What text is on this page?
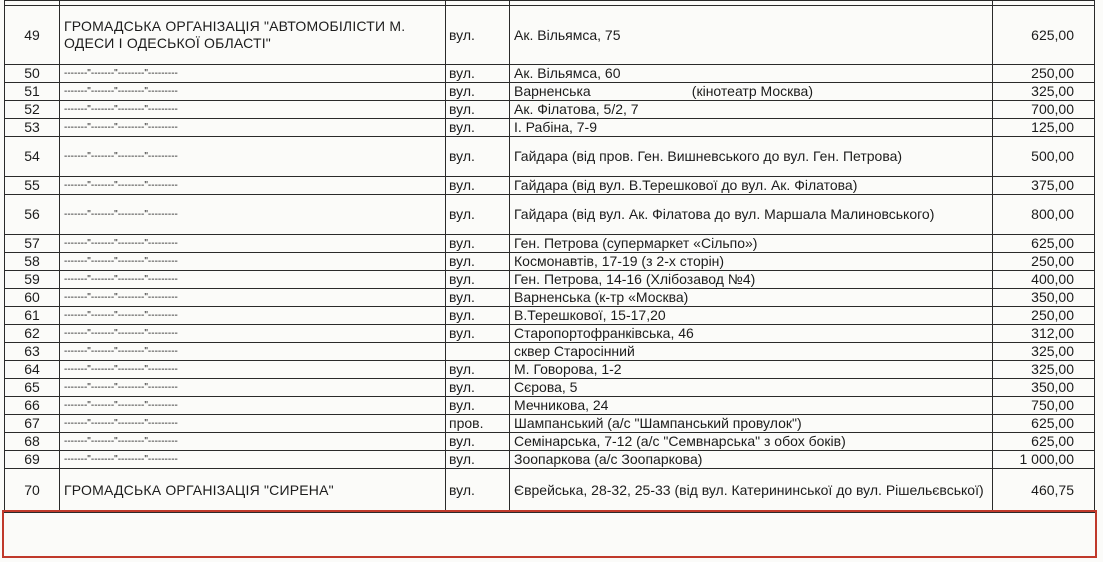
49	ГРОМАДСЬКА ОРГАНІЗАЦІЯ "АВТОМОБІЛІСТИ М. ОДЕСИ І ОДЕСЬКОЇ ОБЛАСТІ"	вул.	Ак. Вільямса, 75	625,00
50	-------"-------"--------"---------	вул.	Ак. Вільямса, 60	250,00
51	-------"-------"--------"---------	вул.	Варненська                          (кінотеатр Москва)	325,00
52	-------"-------"--------"---------	вул.	Ак. Філатова, 5/2, 7	700,00
53	-------"-------"--------"---------	вул.	І. Рабіна, 7-9	125,00
54	-------"-------"--------"---------	вул.	Гайдара (від пров. Ген. Вишневського до вул. Ген. Петрова)	500,00
55	-------"-------"--------"---------	вул.	Гайдара (від вул. В.Терешкової до вул. Ак. Філатова)	375,00
56	-------"-------"--------"---------	вул.	Гайдара (від вул. Ак. Філатова до вул. Маршала Малиновського)	800,00
57	-------"-------"--------"---------	вул.	Ген. Петрова (супермаркет «Сільпо»)	625,00
58	-------"-------"--------"---------	вул.	Космонавтів, 17-19 (з 2-х сторін)	250,00
59	-------"-------"--------"---------	вул.	Ген. Петрова, 14-16 (Хлібозавод №4)	400,00
60	-------"-------"--------"---------	вул.	Варненська (к-тр «Москва)	350,00
61	-------"-------"--------"---------	вул.	В.Терешкової, 15-17,20	250,00
62	-------"-------"--------"---------	вул.	Старопортофранківська, 46	312,00
63	-------"-------"--------"---------		сквер Старосінний	325,00
64	-------"-------"--------"---------	вул.	М. Говорова, 1-2	325,00
65	-------"-------"--------"---------	вул.	Сєрова, 5	350,00
66	-------"-------"--------"---------	вул.	Мечникова, 24	750,00
67	-------"-------"--------"---------	пров.	Шампанський (а/с "Шампанський провулок")	625,00
68	-------"-------"--------"---------	вул.	Семінарська, 7-12 (а/с "Семвнарська" з обох боків)	625,00
69	-------"-------"--------"---------	вул.	Зоопаркова (а/с Зоопаркова)	1 000,00
70	ГРОМАДСЬКА ОРГАНІЗАЦІЯ "СИРЕНА"	вул.	Єврейська, 28-32, 25-33 (від вул. Катерининської до вул. Рішельєвської)	460,75
